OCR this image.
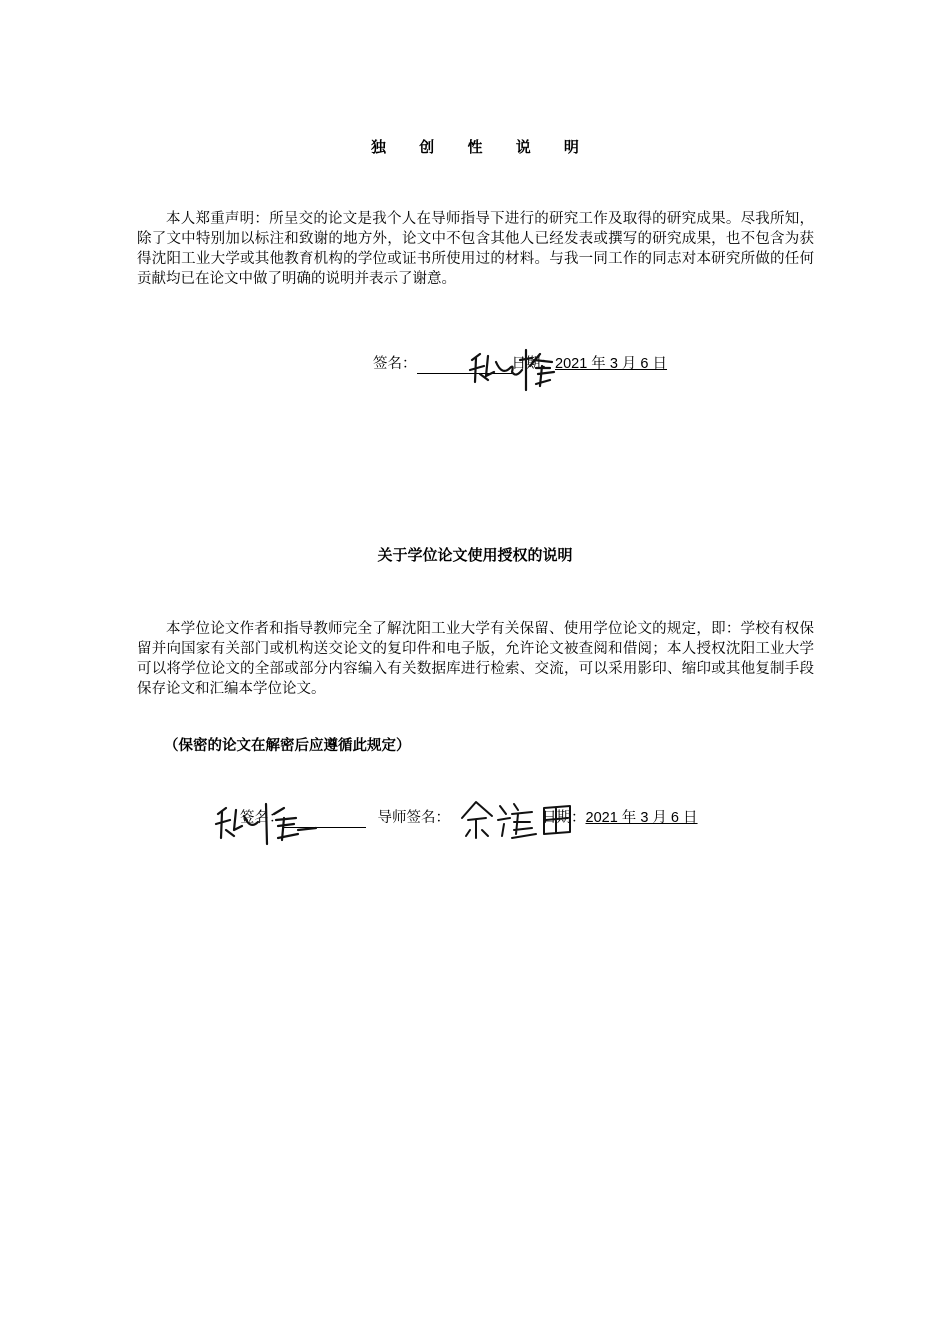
独 创 性 说 明
本人郑重声明：所呈交的论文是我个人在导师指导下进行的研究工作及取得的研究成果。尽我所知，除了文中特别加以标注和致谢的地方外，论文中不包含其他人已经发表或撰写的研究成果，也不包含为获得沈阳工业大学或其他教育机构的学位或证书所使用过的材料。与我一同工作的同志对本研究所做的任何贡献均已在论文中做了明确的说明并表示了谢意。
签名：	日期：2021 年 3 月 6 日
关于学位论文使用授权的说明
本学位论文作者和指导教师完全了解沈阳工业大学有关保留、使用学位论文的规定，即：学校有权保留并向国家有关部门或机构送交论文的复印件和电子版，允许论文被查阅和借阅；本人授权沈阳工业大学可以将学位论文的全部或部分内容编入有关数据库进行检索、交流，可以采用影印、缩印或其他复制手段保存论文和汇编本学位论文。
（保密的论文在解密后应遵循此规定）
签名：	导师签名：	日期：2021 年 3 月 6 日
